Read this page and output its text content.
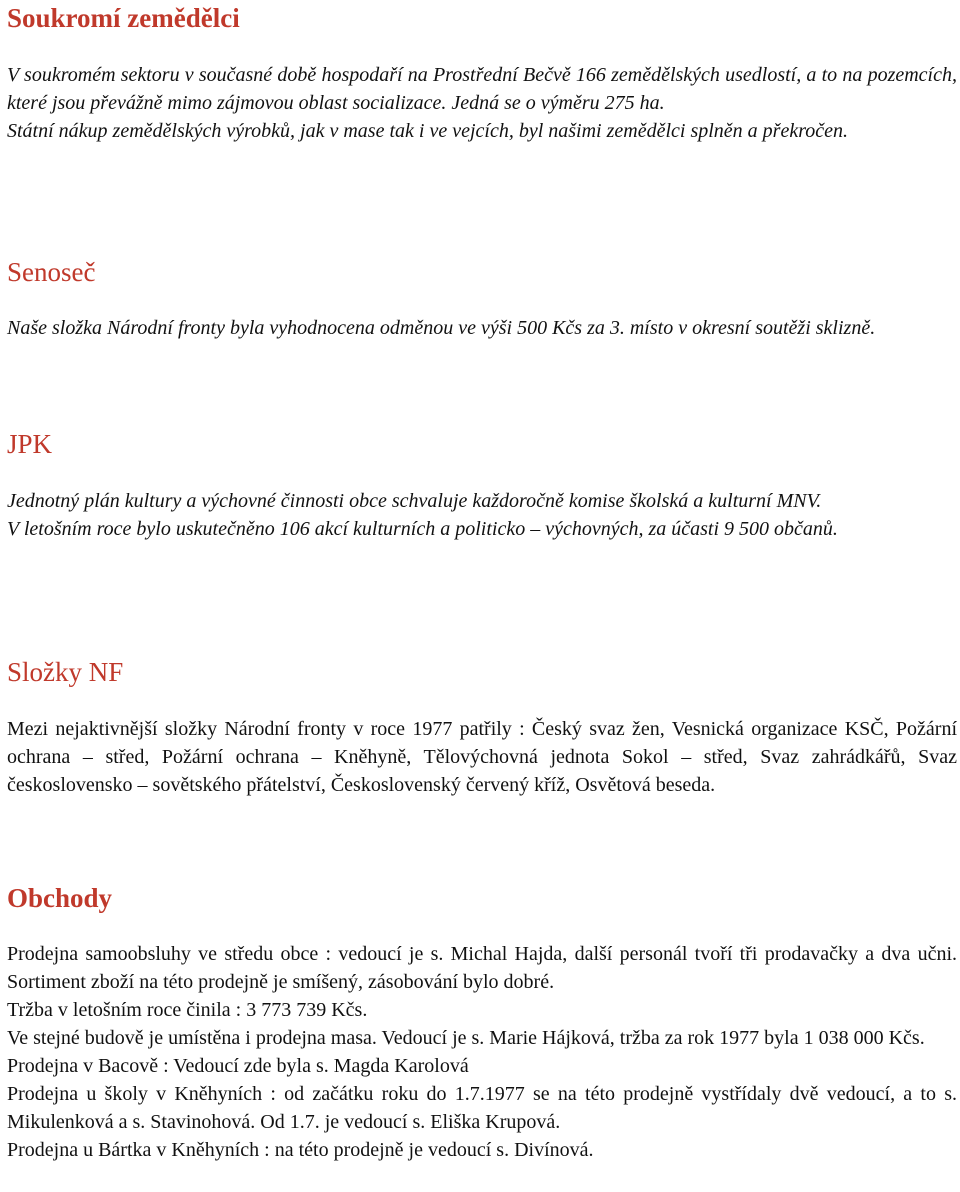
Soukromí zemědělci

V soukromém sektoru v současné době hospodaří na Prostřední Bečvě 166 zemědělských usedlostí, a to na pozemcích, které jsou převážně mimo zájmovou oblast socializace. Jedná se o výměru 275 ha.
Státní nákup zemědělských výrobků, jak v mase tak i ve vejcích, byl našimi zemědělci splněn a překročen.

Senoseč

Naše složka Národní fronty byla vyhodnocena odměnou ve výši 500 Kčs za 3. místo v okresní soutěži sklizně.

JPK

Jednotný plán kultury a výchovné činnosti obce schvaluje každoročně komise školská a kulturní MNV.
V letošním roce bylo uskutečněno 106 akcí kulturních a politicko – výchovných, za účasti 9 500 občanů.

Složky NF

Mezi nejaktivnější složky Národní fronty v roce 1977 patřily : Český svaz žen, Vesnická organizace KSČ, Požární ochrana – střed, Požární ochrana – Kněhyně, Tělovýchovná jednota Sokol – střed, Svaz zahrádkářů, Svaz československo – sovětského přátelství, Československý červený kříž, Osvětová beseda.

Obchody

Prodejna samoobsluhy ve středu obce : vedoucí je s. Michal Hajda, další personál tvoří tři prodavačky a dva učni. Sortiment zboží na této prodejně je smíšený, zásobování bylo dobré.
Tržba v letošním roce činila : 3 773 739 Kčs.
Ve stejné budově je umístěna i prodejna masa. Vedoucí je s. Marie Hájková, tržba za rok 1977 byla 1 038 000 Kčs.
Prodejna v Bacově : Vedoucí zde byla s. Magda Karolová
Prodejna u školy v Kněhyních : od začátku roku do 1.7.1977 se na této prodejně vystřídaly dvě vedoucí, a to s. Mikulenková a s. Stavinohová. Od 1.7. je vedoucí s. Eliška Krupová.
Prodejna u Bártka v Kněhyních : na této prodejně je vedoucí s. Divínová.
